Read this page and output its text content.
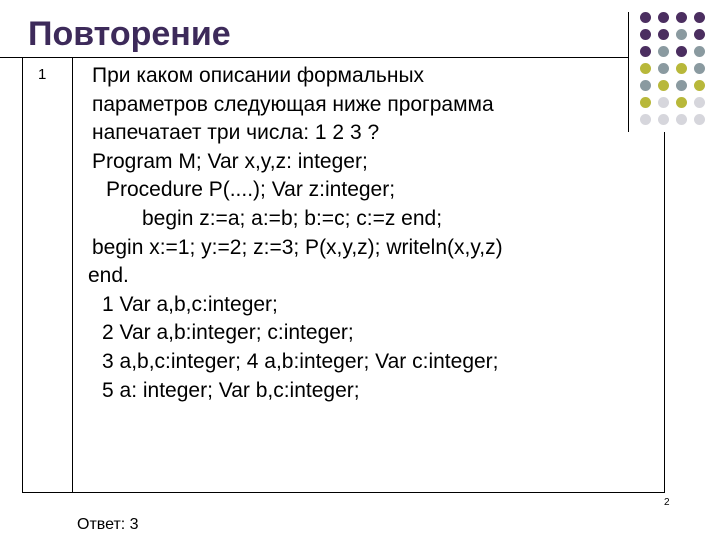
Повторение
1	При каком описании формальных
параметров следующая ниже программа
напечатает три числа: 1 2 3 ?
Program M; Var x,y,z: integer;
Procedure P(....); Var z:integer;
begin z:=a; a:=b; b:=c; c:=z end;
begin x:=1; y:=2; z:=3; P(x,y,z); writeln(x,y,z)
end.
1 Var a,b,c:integer;
2 Var a,b:integer; c:integer;
3 a,b,c:integer; 4 a,b:integer; Var c:integer;
5 a: integer; Var b,c:integer;
2
Ответ: 3
